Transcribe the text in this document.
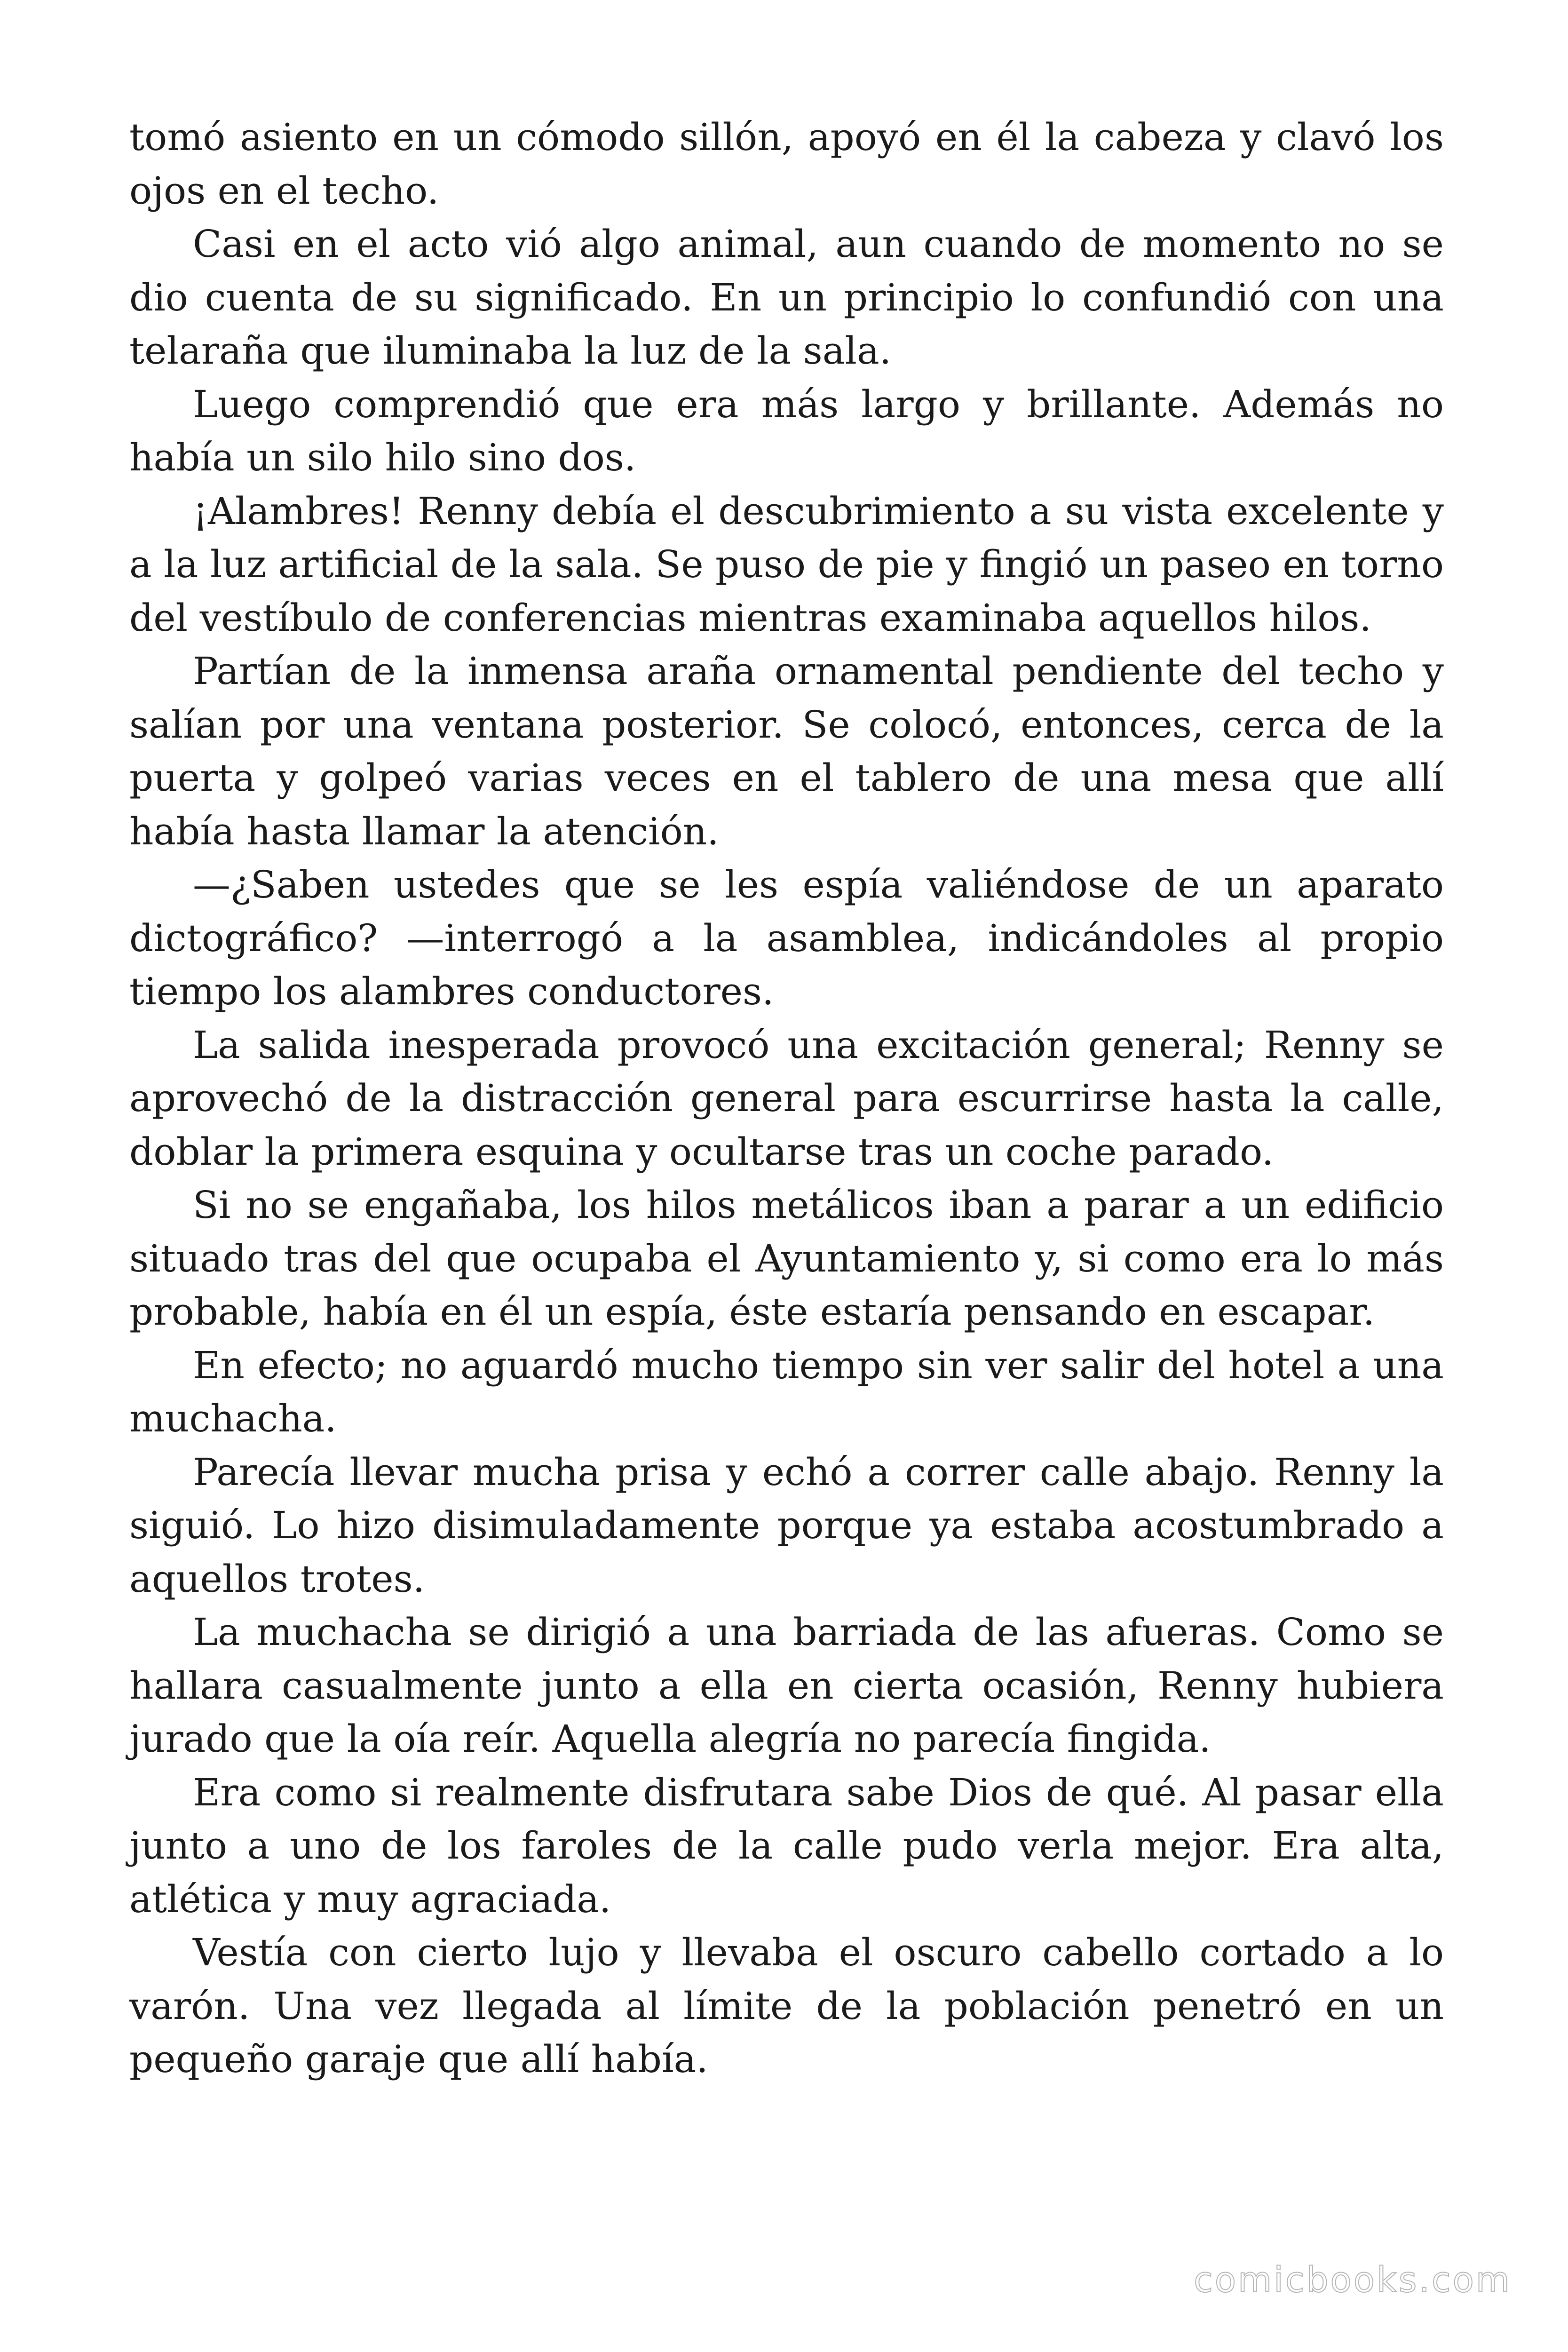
tomó asiento en un cómodo sillón, apoyó en él la cabeza y clavó los ojos en el techo.

Casi en el acto vió algo animal, aun cuando de momento no se dio cuenta de su significado. En un principio lo confundió con una telaraña que iluminaba la luz de la sala.

Luego comprendió que era más largo y brillante. Además no había un silo hilo sino dos.

¡Alambres! Renny debía el descubrimiento a su vista excelente y a la luz artificial de la sala. Se puso de pie y fingió un paseo en torno del vestíbulo de conferencias mientras examinaba aquellos hilos.

Partían de la inmensa araña ornamental pendiente del techo y salían por una ventana posterior. Se colocó, entonces, cerca de la puerta y golpeó varias veces en el tablero de una mesa que allí había hasta llamar la atención.

—¿Saben ustedes que se les espía valiéndose de un aparato dictográfico? —interrogó a la asamblea, indicándoles al propio tiempo los alambres conductores.

La salida inesperada provocó una excitación general; Renny se aprovechó de la distracción general para escurrirse hasta la calle, doblar la primera esquina y ocultarse tras un coche parado.

Si no se engañaba, los hilos metálicos iban a parar a un edificio situado tras del que ocupaba el Ayuntamiento y, si como era lo más probable, había en él un espía, éste estaría pensando en escapar.

En efecto; no aguardó mucho tiempo sin ver salir del hotel a una muchacha.

Parecía llevar mucha prisa y echó a correr calle abajo. Renny la siguió. Lo hizo disimuladamente porque ya estaba acostumbrado a aquellos trotes.

La muchacha se dirigió a una barriada de las afueras. Como se hallara casualmente junto a ella en cierta ocasión, Renny hubiera jurado que la oía reír. Aquella alegría no parecía fingida.

Era como si realmente disfrutara sabe Dios de qué. Al pasar ella junto a uno de los faroles de la calle pudo verla mejor. Era alta, atlética y muy agraciada.

Vestía con cierto lujo y llevaba el oscuro cabello cortado a lo varón. Una vez llegada al límite de la población penetró en un pequeño garaje que allí había.

comicbooks.com
